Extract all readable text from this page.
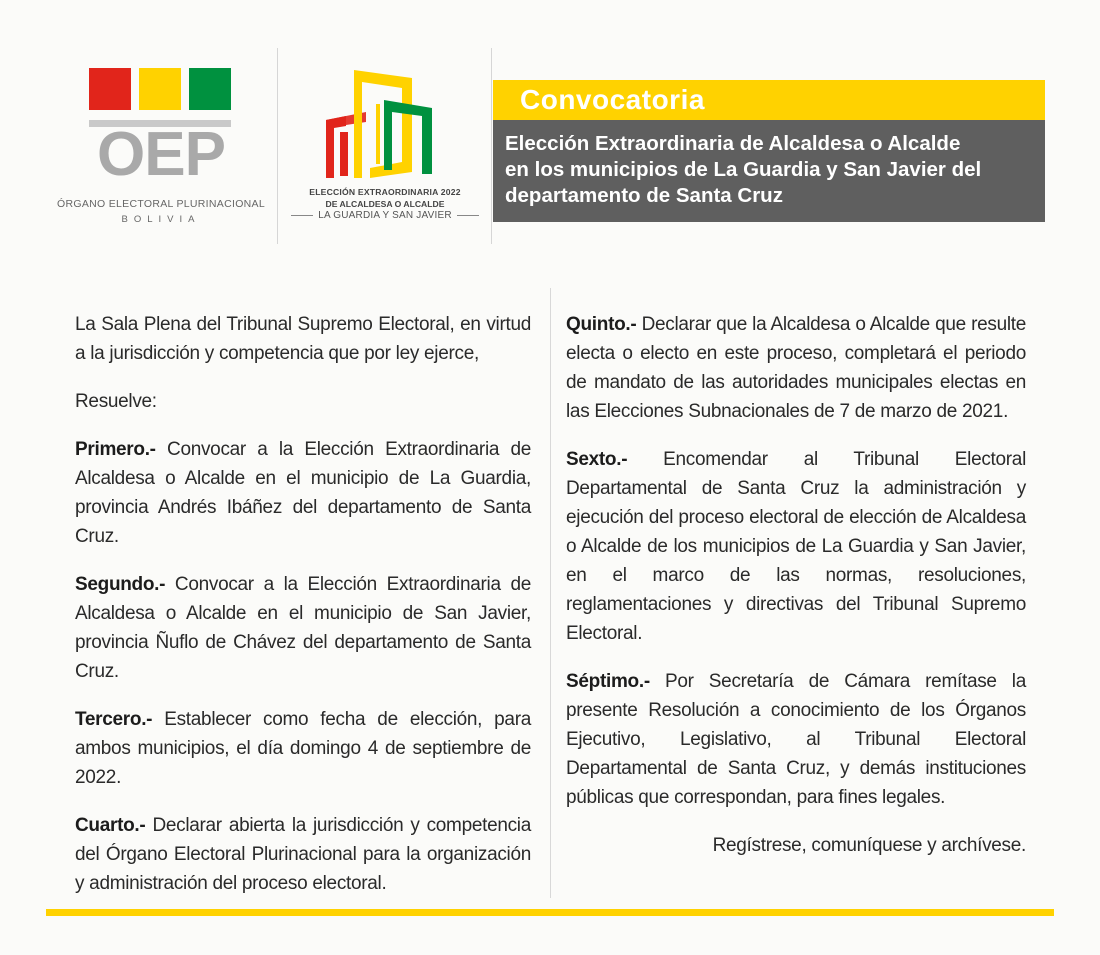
OEP
ÓRGANO ELECTORAL PLURINACIONAL
BOLIVIA
ELECCIÓN EXTRAORDINARIA 2022
DE ALCALDESA O ALCALDE
LA GUARDIA Y SAN JAVIER
Convocatoria

Elección Extraordinaria de Alcaldesa o Alcalde
en los municipios de La Guardia y San Javier del
departamento de Santa Cruz

La Sala Plena del Tribunal Supremo Electoral, en virtud a la jurisdicción y competencia que por ley ejerce,

Resuelve:

Primero.- Convocar a la Elección Extraordinaria de Alcaldesa o Alcalde en el municipio de La Guardia, provincia Andrés Ibáñez del departamento de Santa Cruz.

Segundo.- Convocar a la Elección Extraordinaria de Alcaldesa o Alcalde en el municipio de San Javier, provincia Ñuflo de Chávez del departamento de Santa Cruz.

Tercero.- Establecer como fecha de elección, para ambos municipios, el día domingo 4 de septiembre de 2022.

Cuarto.- Declarar abierta la jurisdicción y competencia del Órgano Electoral Plurinacional para la organización y administración del proceso electoral.

Quinto.- Declarar que la Alcaldesa o Alcalde que resulte electa o electo en este proceso, completará el periodo de mandato de las autoridades municipales electas en las Elecciones Subnacionales de 7 de marzo de 2021.

Sexto.- Encomendar al Tribunal Electoral Departamental de Santa Cruz la administración y ejecución del proceso electoral de elección de Alcaldesa o Alcalde de los municipios de La Guardia y San Javier, en el marco de las normas, resoluciones, reglamentaciones y directivas del Tribunal Supremo Electoral.

Séptimo.- Por Secretaría de Cámara remítase la presente Resolución a conocimiento de los Órganos Ejecutivo, Legislativo, al Tribunal Electoral Departamental de Santa Cruz, y demás instituciones públicas que correspondan, para fines legales.

Regístrese, comuníquese y archívese.
